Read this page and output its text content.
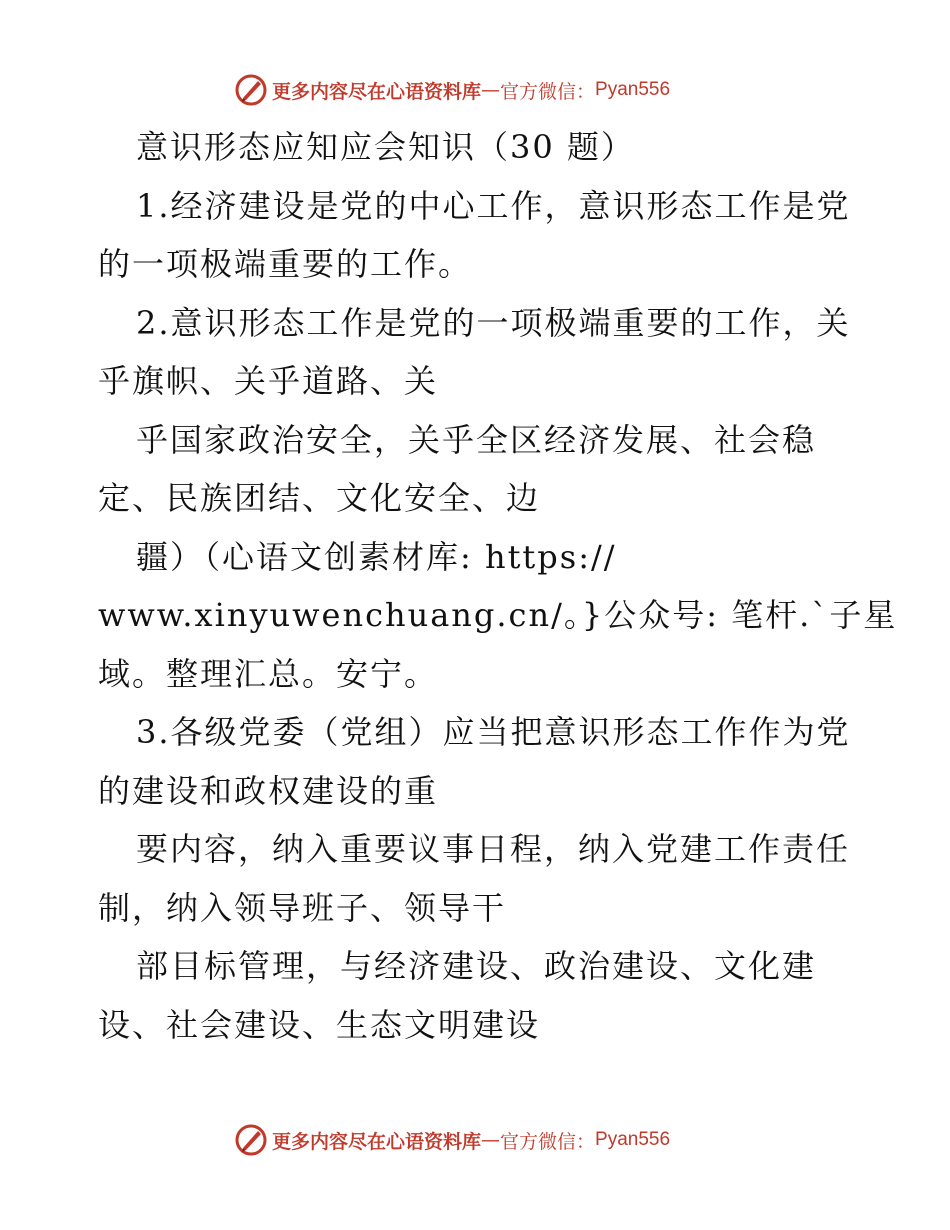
更多内容尽在心语资料库 — 官方微信： Pyan556
意识形态应知应会知识（30 题）
1.经济建设是党的中心工作，意识形态工作是党
的一项极端重要的工作。
2.意识形态工作是党的一项极端重要的工作，关
乎旗帜、关乎道路、关
乎国家政治安全，关乎全区经济发展、社会稳
定、民族团结、文化安全、边
疆）（心语文创素材库: https://
www.xinyuwenchuang.cn/。}公众号: 笔杆.`子星
域。整理汇总。安宁。
3.各级党委（党组）应当把意识形态工作作为党
的建设和政权建设的重
要内容，纳入重要议事日程，纳入党建工作责任
制，纳入领导班子、领导干
部目标管理，与经济建设、政治建设、文化建
设、社会建设、生态文明建设
更多内容尽在心语资料库 — 官方微信： Pyan556
